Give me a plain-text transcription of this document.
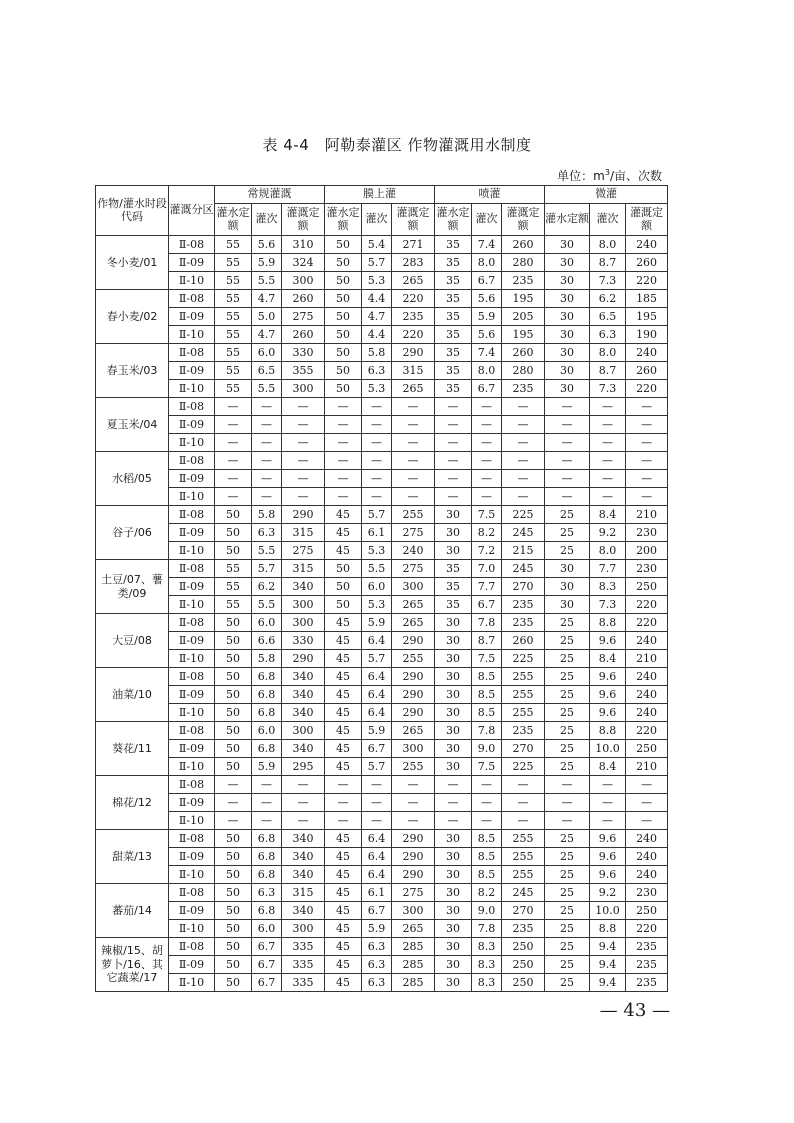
表 4-4　阿勒泰灌区 作物灌溉用水制度
单位：$m^3/$亩、次数
作物/灌水时段代码	灌溉分区	常规灌溉			膜上灌			喷灌			微灌		
		灌水定额	灌次	灌溉定额	灌水定额	灌次	灌溉定额	灌水定额	灌次	灌溉定额	灌水定额	灌次	灌溉定额
冬小麦/01	Ⅱ-08	55	5.6	310	50	5.4	271	35	7.4	260	30	8.0	240
	Ⅱ-09	55	5.9	324	50	5.7	283	35	8.0	280	30	8.7	260
	Ⅱ-10	55	5.5	300	50	5.3	265	35	6.7	235	30	7.3	220
春小麦/02	Ⅱ-08	55	4.7	260	50	4.4	220	35	5.6	195	30	6.2	185
	Ⅱ-09	55	5.0	275	50	4.7	235	35	5.9	205	30	6.5	195
	Ⅱ-10	55	4.7	260	50	4.4	220	35	5.6	195	30	6.3	190
春玉米/03	Ⅱ-08	55	6.0	330	50	5.8	290	35	7.4	260	30	8.0	240
	Ⅱ-09	55	6.5	355	50	6.3	315	35	8.0	280	30	8.7	260
	Ⅱ-10	55	5.5	300	50	5.3	265	35	6.7	235	30	7.3	220
夏玉米/04	Ⅱ-08	—	—	—	—	—	—	—	—	—	—	—	—
	Ⅱ-09	—	—	—	—	—	—	—	—	—	—	—	—
	Ⅱ-10	—	—	—	—	—	—	—	—	—	—	—	—
水稻/05	Ⅱ-08	—	—	—	—	—	—	—	—	—	—	—	—
	Ⅱ-09	—	—	—	—	—	—	—	—	—	—	—	—
	Ⅱ-10	—	—	—	—	—	—	—	—	—	—	—	—
谷子/06	Ⅱ-08	50	5.8	290	45	5.7	255	30	7.5	225	25	8.4	210
	Ⅱ-09	50	6.3	315	45	6.1	275	30	8.2	245	25	9.2	230
	Ⅱ-10	50	5.5	275	45	5.3	240	30	7.2	215	25	8.0	200
土豆/07、薯类/09	Ⅱ-08	55	5.7	315	50	5.5	275	35	7.0	245	30	7.7	230
	Ⅱ-09	55	6.2	340	50	6.0	300	35	7.7	270	30	8.3	250
	Ⅱ-10	55	5.5	300	50	5.3	265	35	6.7	235	30	7.3	220
大豆/08	Ⅱ-08	50	6.0	300	45	5.9	265	30	7.8	235	25	8.8	220
	Ⅱ-09	50	6.6	330	45	6.4	290	30	8.7	260	25	9.6	240
	Ⅱ-10	50	5.8	290	45	5.7	255	30	7.5	225	25	8.4	210
油菜/10	Ⅱ-08	50	6.8	340	45	6.4	290	30	8.5	255	25	9.6	240
	Ⅱ-09	50	6.8	340	45	6.4	290	30	8.5	255	25	9.6	240
	Ⅱ-10	50	6.8	340	45	6.4	290	30	8.5	255	25	9.6	240
葵花/11	Ⅱ-08	50	6.0	300	45	5.9	265	30	7.8	235	25	8.8	220
	Ⅱ-09	50	6.8	340	45	6.7	300	30	9.0	270	25	10.0	250
	Ⅱ-10	50	5.9	295	45	5.7	255	30	7.5	225	25	8.4	210
棉花/12	Ⅱ-08	—	—	—	—	—	—	—	—	—	—	—	—
	Ⅱ-09	—	—	—	—	—	—	—	—	—	—	—	—
	Ⅱ-10	—	—	—	—	—	—	—	—	—	—	—	—
甜菜/13	Ⅱ-08	50	6.8	340	45	6.4	290	30	8.5	255	25	9.6	240
	Ⅱ-09	50	6.8	340	45	6.4	290	30	8.5	255	25	9.6	240
	Ⅱ-10	50	6.8	340	45	6.4	290	30	8.5	255	25	9.6	240
蕃茄/14	Ⅱ-08	50	6.3	315	45	6.1	275	30	8.2	245	25	9.2	230
	Ⅱ-09	50	6.8	340	45	6.7	300	30	9.0	270	25	10.0	250
	Ⅱ-10	50	6.0	300	45	5.9	265	30	7.8	235	25	8.8	220
辣椒/15、胡萝卜/16、其它蔬菜/17	Ⅱ-08	50	6.7	335	45	6.3	285	30	8.3	250	25	9.4	235
	Ⅱ-09	50	6.7	335	45	6.3	285	30	8.3	250	25	9.4	235
	Ⅱ-10	50	6.7	335	45	6.3	285	30	8.3	250	25	9.4	235
— 43 —
